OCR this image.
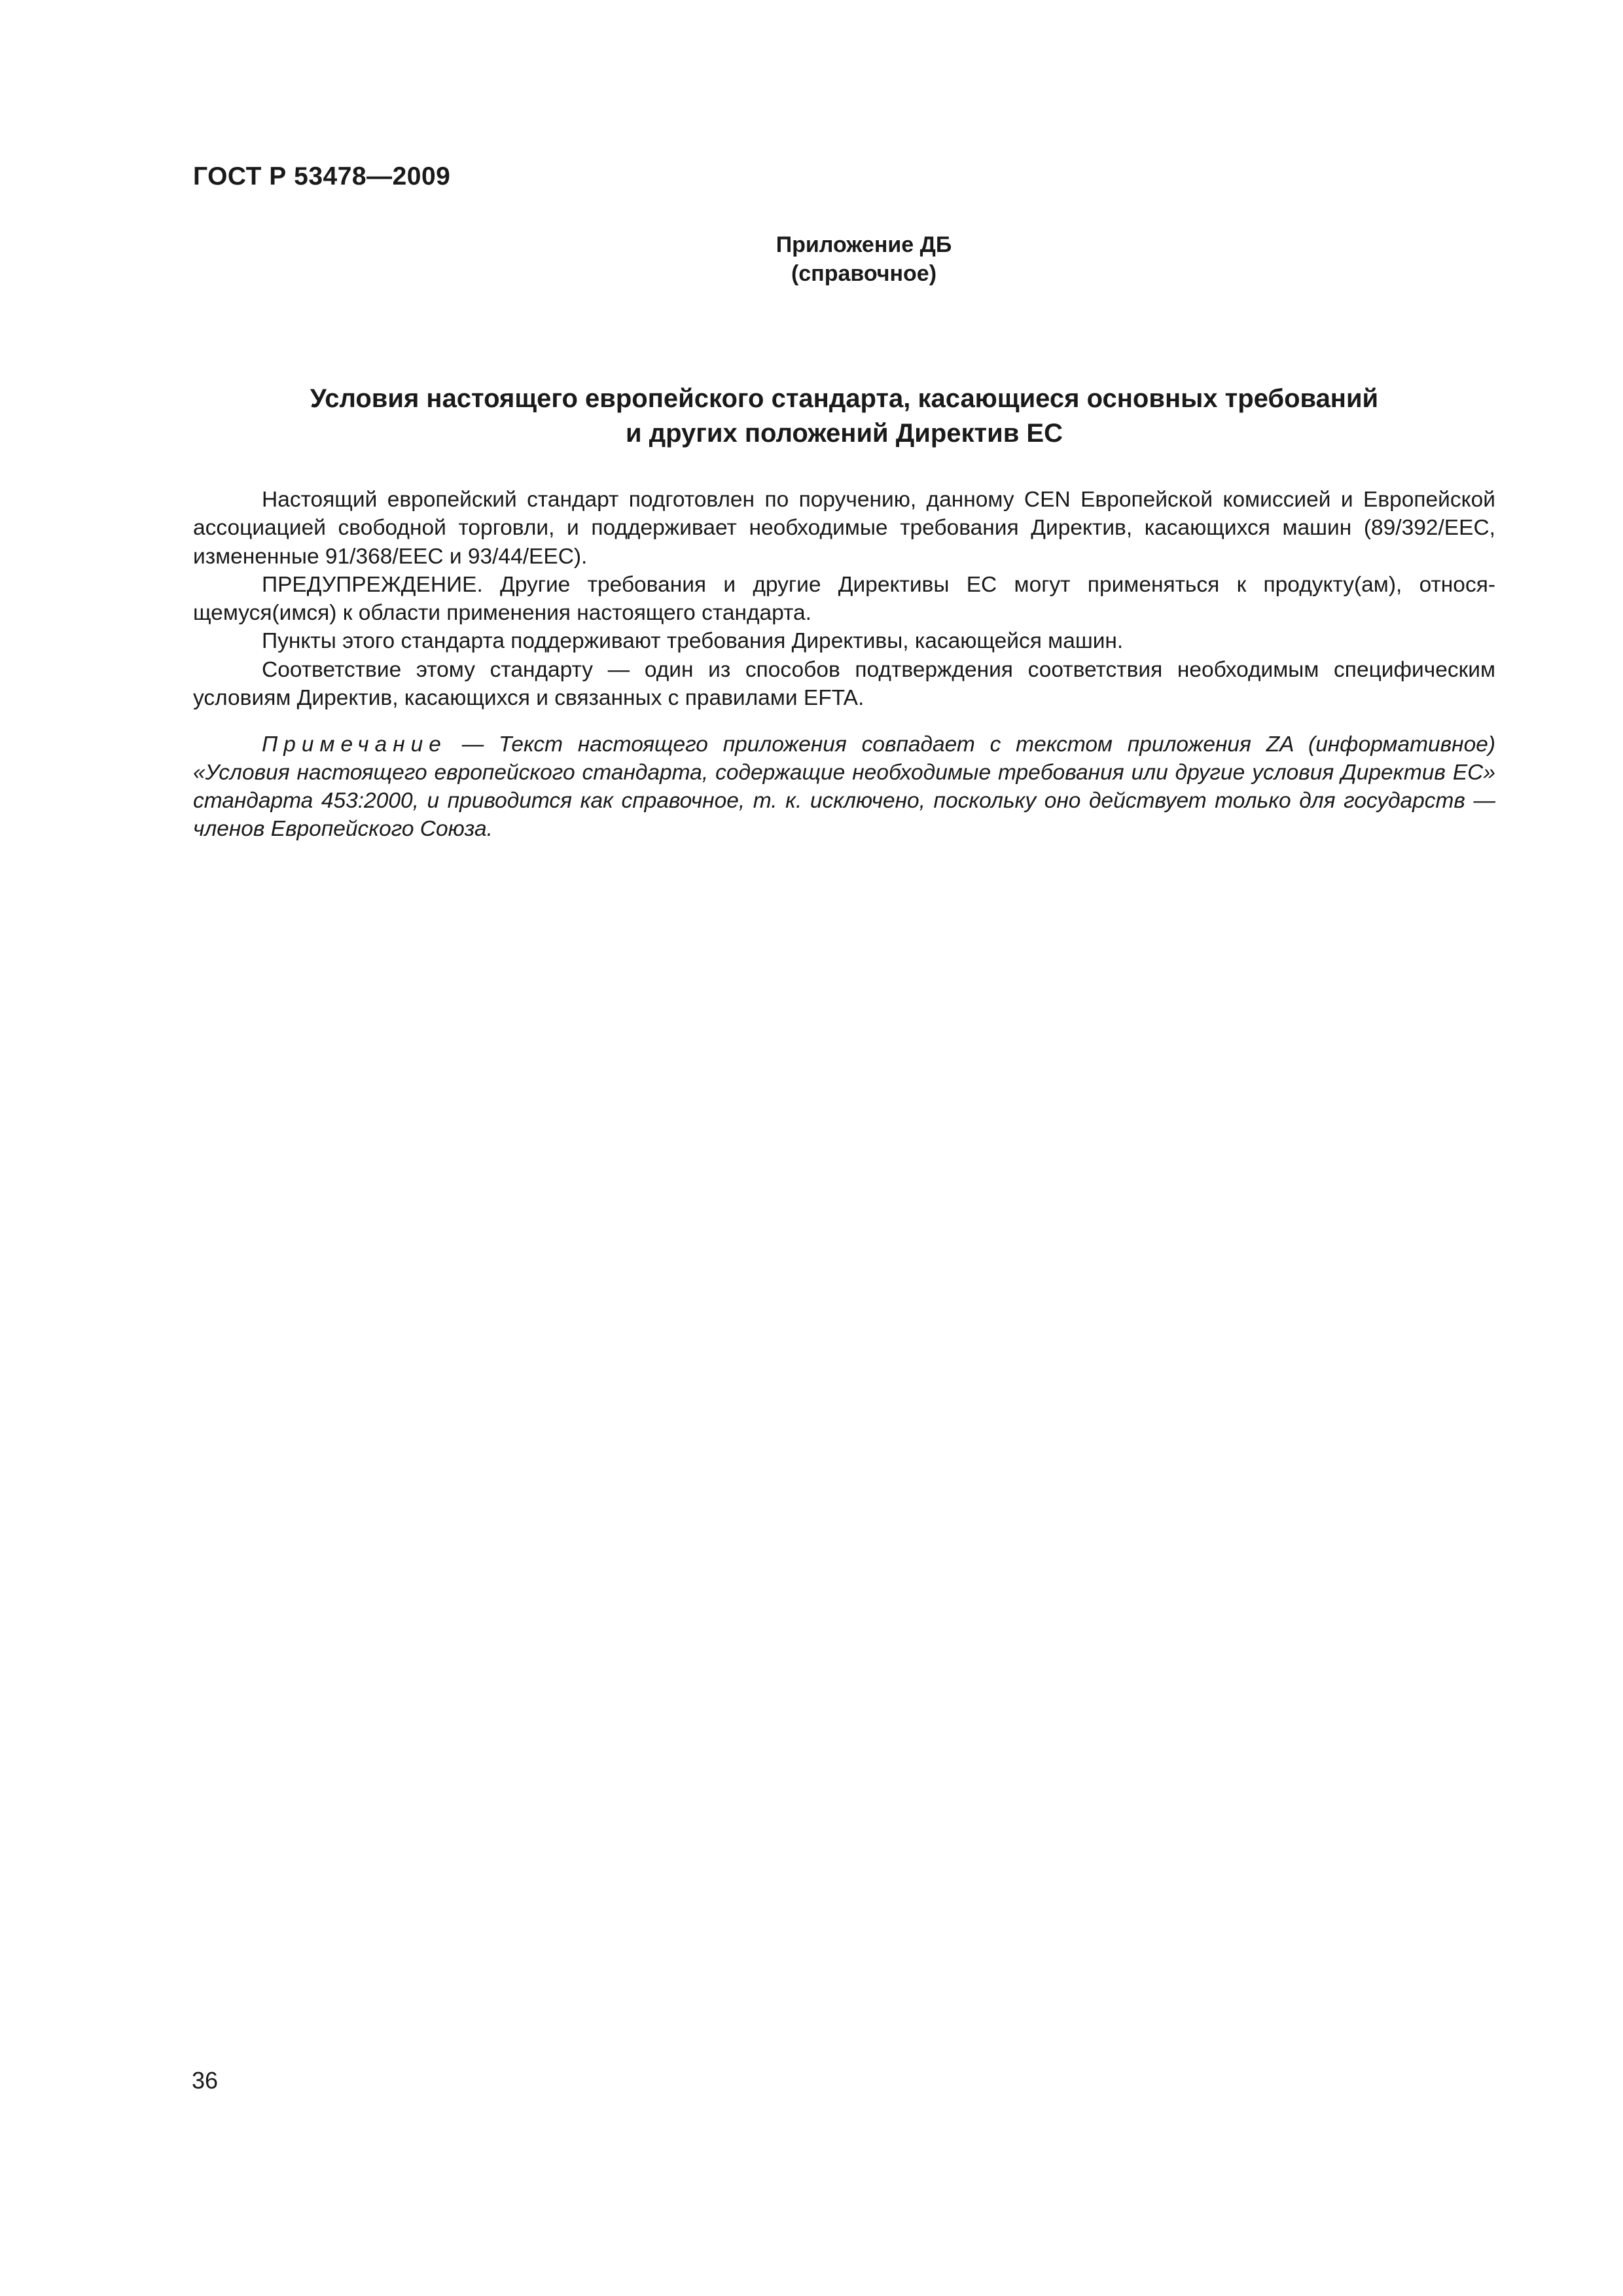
ГОСТ Р 53478—2009
Приложение ДБ
(справочное)
Условия настоящего европейского стандарта, касающиеся основных требований
и других положений Директив ЕС

Настоящий европейский стандарт подготовлен по поручению, данному CEN Европейской комиссией и Европейской ассоциацией свободной торговли, и поддерживает необходимые требования Директив, касающихся машин (89/392/ЕЕС, измененные 91/368/ЕЕС и 93/44/ЕЕС).

ПРЕДУПРЕЖДЕНИЕ. Другие требования и другие Директивы ЕС могут применяться к продукту(ам), относящемуся(имся) к области применения настоящего стандарта.

Пункты этого стандарта поддерживают требования Директивы, касающейся машин.

Соответствие этому стандарту — один из способов подтверждения соответствия необходимым специфическим условиям Директив, касающихся и связанных с правилами EFTA.

Примечание — Текст настоящего приложения совпадает с текстом приложения ZA (информативное) «Условия настоящего европейского стандарта, содержащие необходимые требования или другие условия Директив ЕС» стандарта 453:2000, и приводится как справочное, т. к. исключено, поскольку оно действует только для государств — членов Европейского Союза.

36
